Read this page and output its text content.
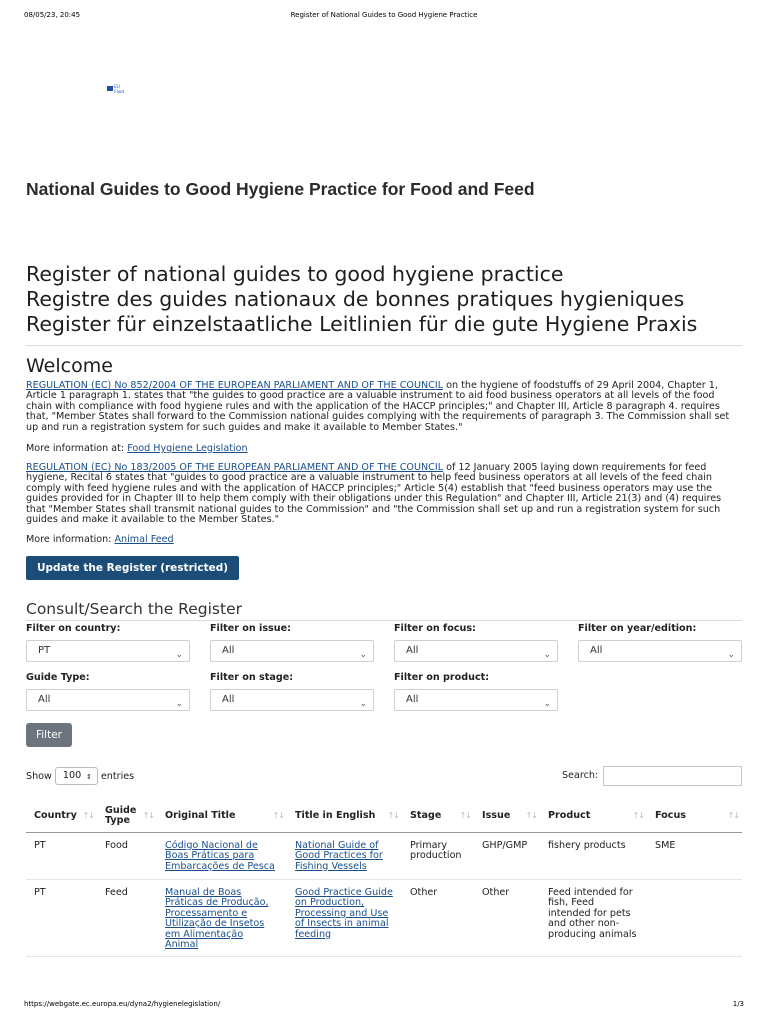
08/05/23, 20:45	Register of National Guides to Good Hygiene Practice
EU Food
National Guides to Good Hygiene Practice for Food and Feed
Register of national guides to good hygiene practice
Registre des guides nationaux de bonnes pratiques hygieniques
Register für einzelstaatliche Leitlinien für die gute Hygiene Praxis
Welcome

REGULATION (EC) No 852/2004 OF THE EUROPEAN PARLIAMENT AND OF THE COUNCIL on the hygiene of foodstuffs of 29 April 2004, Chapter 1, Article 1 paragraph 1. states that "the guides to good practice are a valuable instrument to aid food business operators at all levels of the food chain with compliance with food hygiene rules and with the application of the HACCP principles;" and Chapter III, Article 8 paragraph 4. requires that, "Member States shall forward to the Commission national guides complying with the requirements of paragraph 3. The Commission shall set up and run a registration system for such guides and make it available to Member States."

More information at: Food Hygiene Legislation

REGULATION (EC) No 183/2005 OF THE EUROPEAN PARLIAMENT AND OF THE COUNCIL of 12 January 2005 laying down requirements for feed hygiene, Recital 6 states that "guides to good practice are a valuable instrument to help feed business operators at all levels of the feed chain comply with feed hygiene rules and with the application of HACCP principles;" Article 5(4) establish that "feed business operators may use the guides provided for in Chapter III to help them comply with their obligations under this Regulation" and Chapter III, Article 21(3) and (4) requires that "Member States shall transmit national guides to the Commission" and "the Commission shall set up and run a registration system for such guides and make it available to the Member States."

More information: Animal Feed

Update the Register (restricted)
Consult/Search the Register
Filter on country:
PT	⌄
Filter on issue:
All	⌄
Filter on focus:
All	⌄
Filter on year/edition:
All	⌄
Guide Type:
All	⌄
Filter on stage:
All	⌄
Filter on product:
All	⌄
Filter
Show	100 ⇕ entries	Search:
Country ↑↓	Guide Type ↑↓	Original Title ↑↓	Title in English ↑↓	Stage ↑↓	Issue ↑↓	Product ↑↓	Focus ↑↓

PT	Food	Código Nacional de Boas Práticas para Embarcações de Pesca	National Guide of Good Practices for Fishing Vessels	Primary production	GHP/GMP	fishery products	SME
PT	Feed	Manual de Boas Práticas de Produção, Processamento e Utilização de Insetos em Alimentação Animal	Good Practice Guide on Production, Processing and Use of Insects in animal feeding	Other	Other	Feed intended for fish, Feed intended for pets and other non-producing animals	
https://webgate.ec.europa.eu/dyna2/hygienelegislation/	1/3
